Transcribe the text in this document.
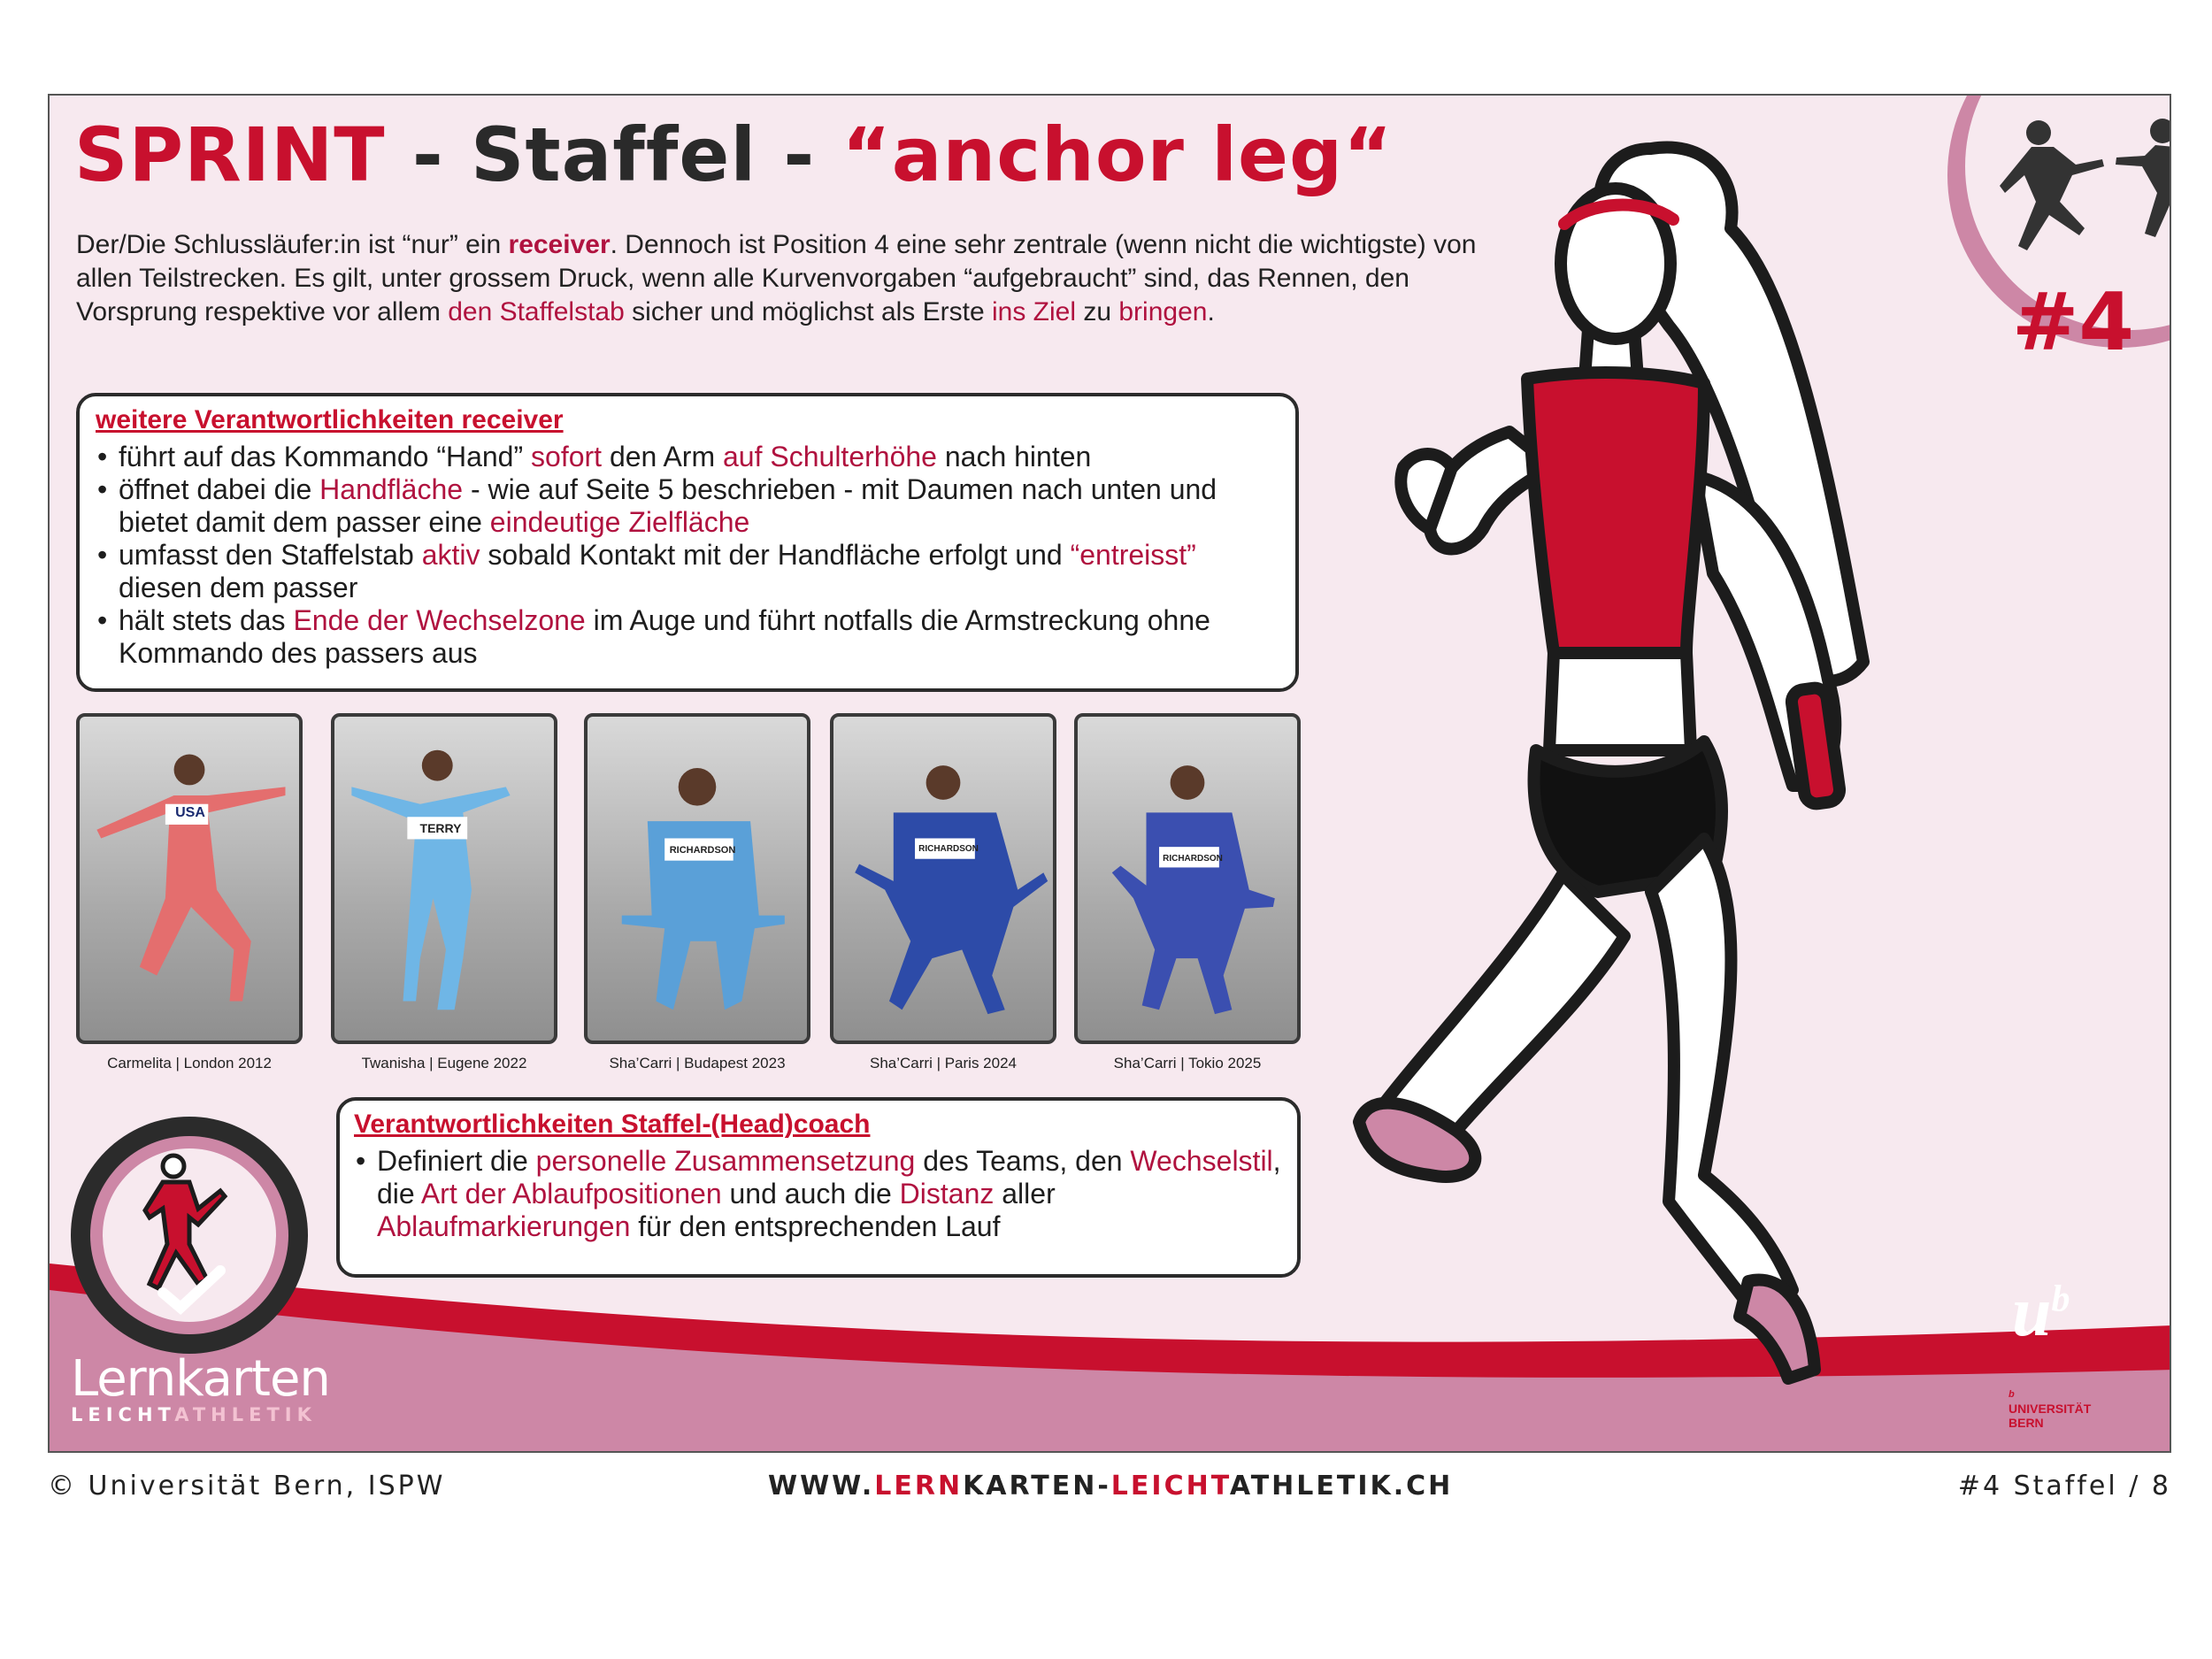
#4
SPRINT - Staffel - “anchor leg“
Der/Die Schlussläufer:in ist “nur” ein receiver. Dennoch ist Position 4 eine sehr zentrale (wenn nicht die wichtigste) von allen Teilstrecken. Es gilt, unter grossem Druck, wenn alle Kurvenvorgaben “aufgebraucht” sind, das Rennen, den Vorsprung respektive vor allem den Staffelstab sicher und möglichst als Erste ins Ziel zu bringen.
weitere Verantwortlichkeiten receiver
• führt auf das Kommando “Hand” sofort den Arm auf Schulterhöhe nach hinten
• öffnet dabei die Handfläche - wie auf Seite 5 beschrieben - mit Daumen nach unten und bietet damit dem passer eine eindeutige Zielfläche
• umfasst den Staffelstab aktiv sobald Kontakt mit der Handfläche erfolgt und “entreisst” diesen dem passer
• hält stets das Ende der Wechselzone im Auge und führt notfalls die Armstreckung ohne Kommando des passers aus
USA
Carmelita | London 2012
TERRY
Twanisha | Eugene 2022
RICHARDSON
Sha’Carri | Budapest 2023
RICHARDSON
Sha’Carri | Paris 2024
RICHARDSON
Sha’Carri | Tokio 2025
Verantwortlichkeiten Staffel-(Head)coach
• Definiert die personelle Zusammensetzung des Teams, den Wechselstil, die Art der Ablaufpositionen und auch die Distanz aller Ablaufmarkierungen für den entsprechenden Lauf
Lernkarten
LEICHTATHLETIK
$u^b$
b
UNIVERSITÄT
BERN
© Universität Bern, ISPW	WWW.LERNKARTEN-LEICHTATHLETIK.CH	#4 Staffel / 8
